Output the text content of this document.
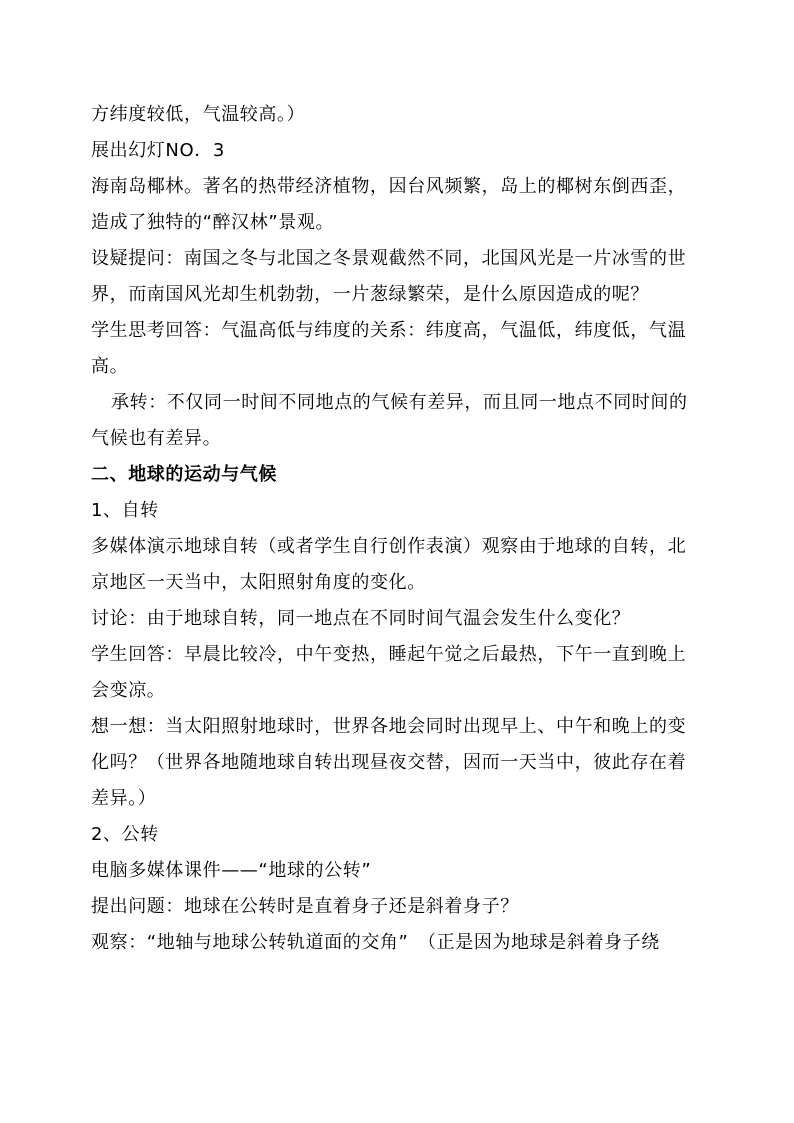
方纬度较低，气温较高。）
展出幻灯NO．3
海南岛椰林。著名的热带经济植物，因台风频繁，岛上的椰树东倒西歪，
造成了独特的“醉汉林”景观。
设疑提问：南国之冬与北国之冬景观截然不同，北国风光是一片冰雪的世
界，而南国风光却生机勃勃，一片葱绿繁荣，是什么原因造成的呢？
学生思考回答：气温高低与纬度的关系：纬度高，气温低，纬度低，气温
高。
承转：不仅同一时间不同地点的气候有差异，而且同一地点不同时间的
气候也有差异。
二、地球的运动与气候
1、自转
多媒体演示地球自转（或者学生自行创作表演）观察由于地球的自转，北
京地区一天当中，太阳照射角度的变化。
讨论：由于地球自转，同一地点在不同时间气温会发生什么变化？
学生回答：早晨比较冷，中午变热，睡起午觉之后最热，下午一直到晚上
会变凉。
想一想：当太阳照射地球时，世界各地会同时出现早上、中午和晚上的变
化吗？（世界各地随地球自转出现昼夜交替，因而一天当中，彼此存在着
差异。）
2、公转
电脑多媒体课件——“地球的公转”
提出问题：地球在公转时是直着身子还是斜着身子？
观察：“地轴与地球公转轨道面的交角”　（正是因为地球是斜着身子绕
